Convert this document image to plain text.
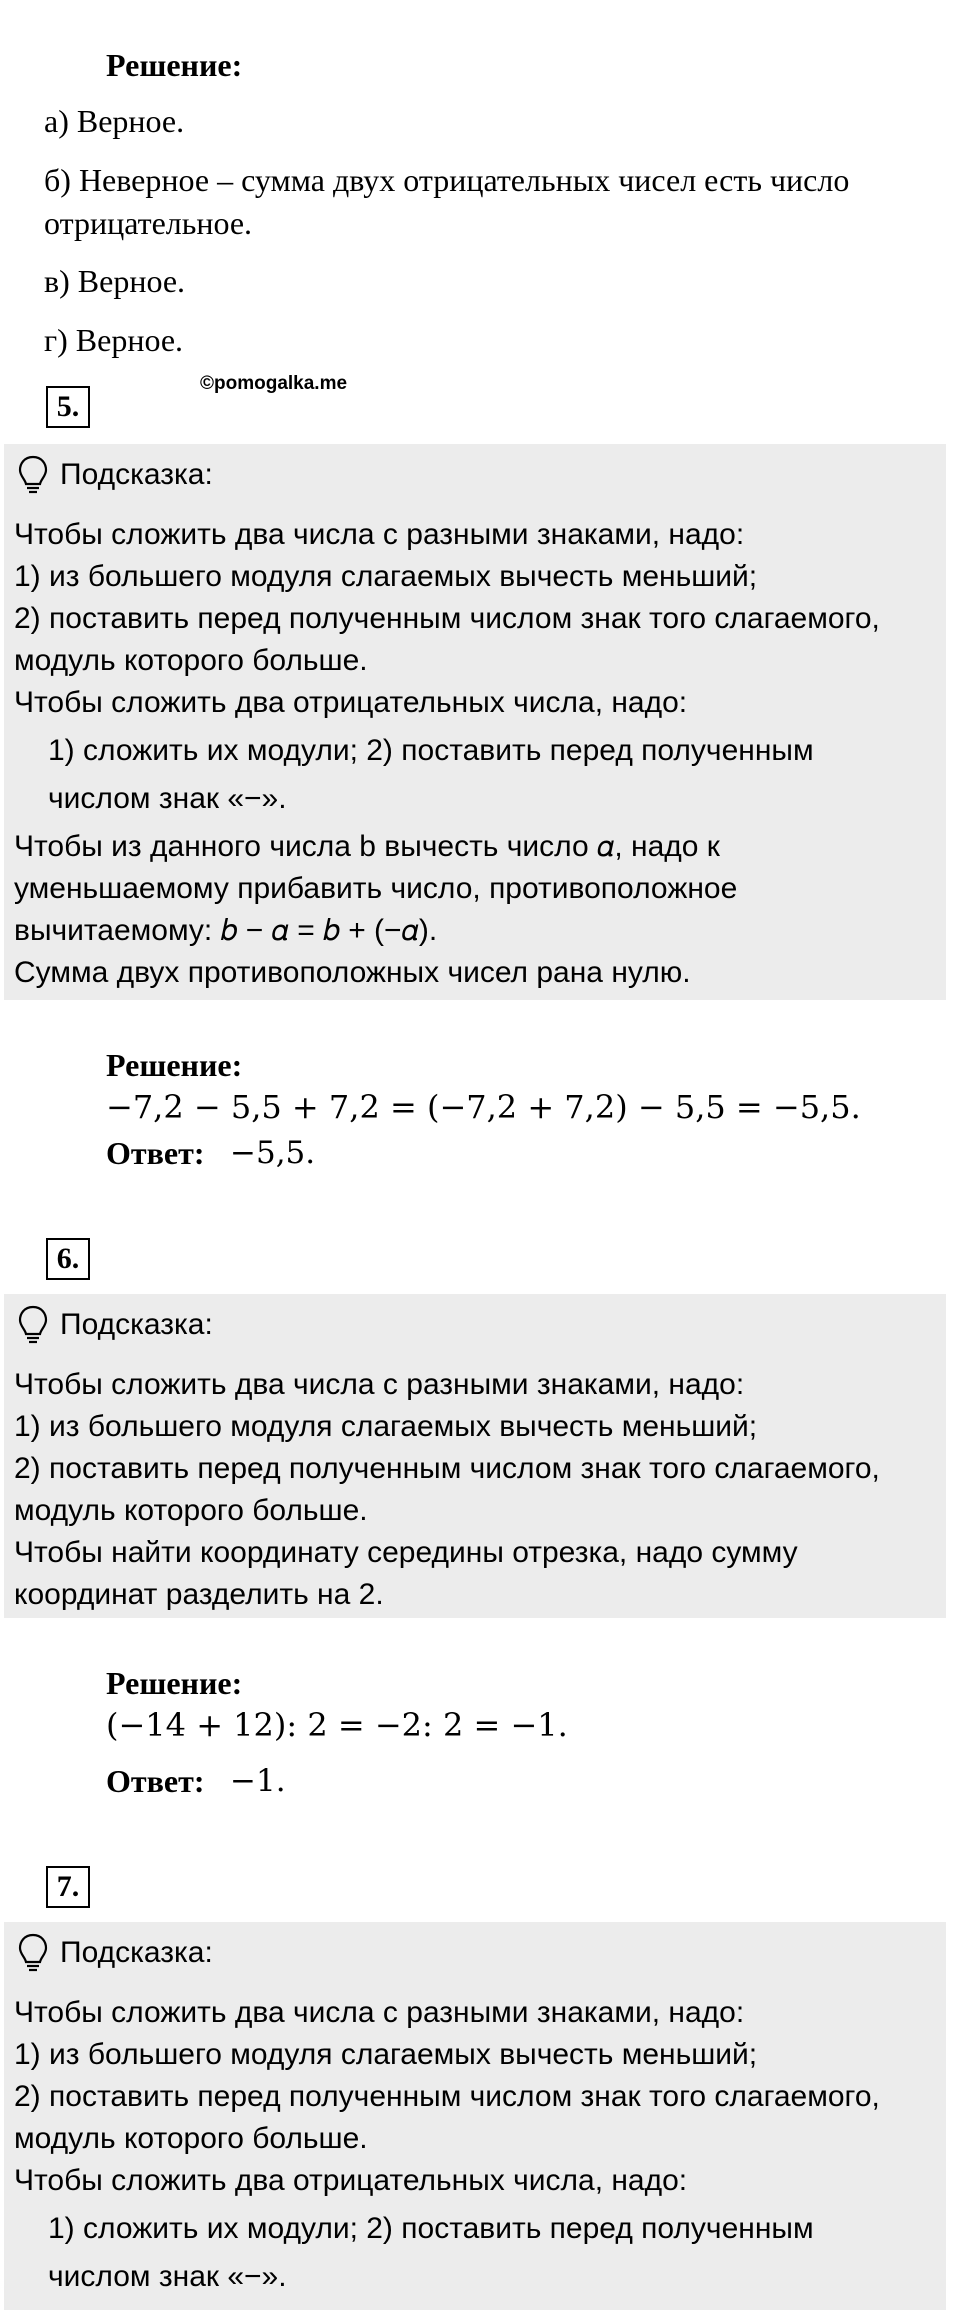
Решение:
а) Верное.
б) Неверное – сумма двух отрицательных чисел есть число
отрицательное.
в) Верное.
г) Верное.
5.
©pomogalka.me
Подсказка:
Чтобы сложить два числа с разными знаками, надо:
1) из большего модуля слагаемых вычесть меньший;
2) поставить перед полученным числом знак того слагаемого,
модуль которого больше.
Чтобы сложить два отрицательных числа, надо:
1) сложить их модули; 2) поставить перед полученным
числом знак «−».
Чтобы из данного числа b вычесть число 𝛼, надо к
уменьшаемому прибавить число, противоположное
вычитаемому: 𝑏 − 𝛼 = 𝑏 + (−𝛼).
Сумма двух противоположных чисел рана нулю.
Решение:
−7,2 − 5,5 + 7,2 = (−7,2 + 7,2) − 5,5 = −5,5.
Ответ: −5,5.
6.
Подсказка:
Чтобы сложить два числа с разными знаками, надо:
1) из большего модуля слагаемых вычесть меньший;
2) поставить перед полученным числом знак того слагаемого,
модуль которого больше.
Чтобы найти координату середины отрезка, надо сумму
координат разделить на 2.
Решение:
(−14 + 12): 2 = −2: 2 = −1.
Ответ: −1.
7.
Подсказка:
Чтобы сложить два числа с разными знаками, надо:
1) из большего модуля слагаемых вычесть меньший;
2) поставить перед полученным числом знак того слагаемого,
модуль которого больше.
Чтобы сложить два отрицательных числа, надо:
1) сложить их модули; 2) поставить перед полученным
числом знак «−».
